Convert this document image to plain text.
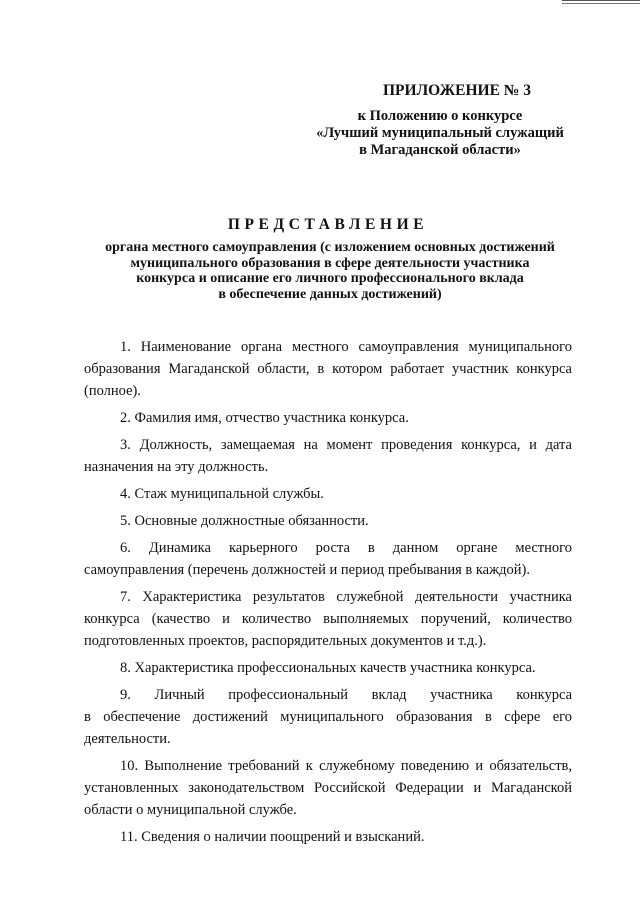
ПРИЛОЖЕНИЕ № 3
к Положению о конкурсе
«Лучший муниципальный служащий
в Магаданской области»
ПРЕДСТАВЛЕНИЕ
органа местного самоуправления (с изложением основных достижений
муниципального образования в сфере деятельности участника
конкурса и описание его личного профессионального вклада
в обеспечение данных достижений)
1. Наименование органа местного самоуправления муниципального
образования Магаданской области, в котором работает участник конкурса
(полное).
2. Фамилия имя, отчество участника конкурса.
3. Должность, замещаемая на момент проведения конкурса, и дата
назначения на эту должность.
4. Стаж муниципальной службы.
5. Основные должностные обязанности.
6. Динамика карьерного роста в данном органе местного
самоуправления (перечень должностей и период пребывания в каждой).
7. Характеристика результатов служебной деятельности участника
конкурса (качество и количество выполняемых поручений, количество
подготовленных проектов, распорядительных документов и т.д.).
8. Характеристика профессиональных качеств участника конкурса.
9. Личный профессиональный вклад участника конкурса
в обеспечение достижений муниципального образования в сфере его
деятельности.
10. Выполнение требований к служебному поведению и обязательств,
установленных законодательством Российской Федерации и Магаданской
области о муниципальной службе.
11. Сведения о наличии поощрений и взысканий.
